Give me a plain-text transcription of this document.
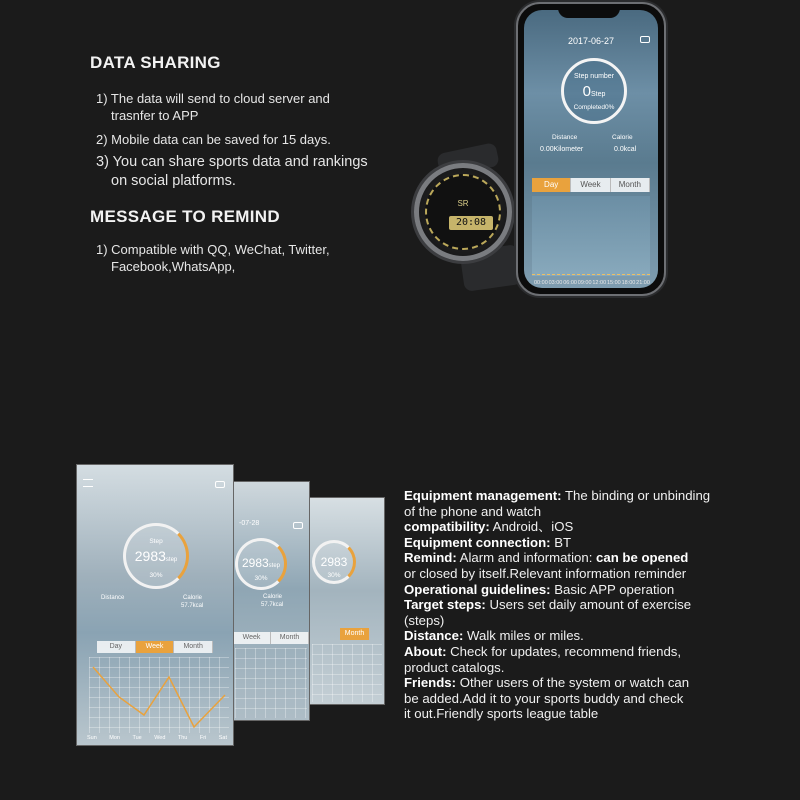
DATA SHARING
1) The data will send to cloud server and
trasnfer to APP
2) Mobile data can be saved for 15 days.
3) You can share sports data and rankings
on social platforms.
MESSAGE TO REMIND
1) Compatible with QQ, WeChat, Twitter,
Facebook,WhatsApp,
SR
20:08
2017-06-27
Step number
0Step
Completed0%
Distance	Calorie
0.00Kilometer	0.0kcal
Day	Week	Month
00:00 03:00 06:00 09:00 12:00 15:00 18:00 21:00
2983
30%
Month
-07-28
2983step
30%
Calorie
57.7kcal
Week	Month
Step
2983step
30%
Distance	Calorie
57.7kcal
Day	Week	Month
Sun Mon Tue Wed Thu Fri Sat
Equipment management: The binding or unbinding
of the phone and watch
compatibility: Android、iOS
Equipment connection: BT
Remind: Alarm and information: can be opened
or closed by itself.Relevant information reminder
Operational guidelines: Basic APP operation
Target steps: Users set daily amount of exercise
(steps)
Distance: Walk miles or miles.
About: Check for updates, recommend friends,
product catalogs.
Friends: Other users of the system or watch can
be added.Add it to your sports buddy and check
it out.Friendly sports league table
